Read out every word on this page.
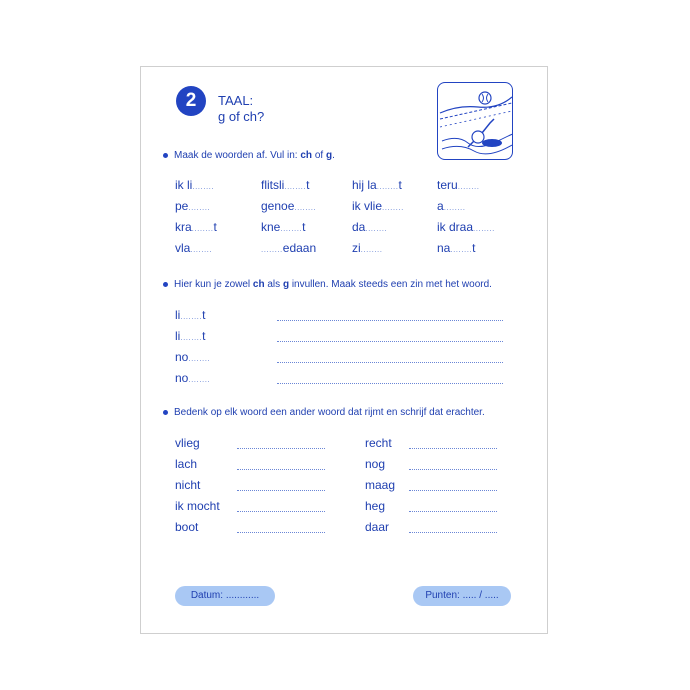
2	TAAL:
g of ch?
Maak de woorden af. Vul in: ch of g.
ik li........
pe........
kra........t
vla........
flitsli........t
genoe........
kne........t
........edaan
hij la........t
ik vlie........
da........
zi........
teru........
a........
ik draa........
na........t
Hier kun je zowel ch als g invullen. Maak steeds een zin met het woord.
li........t
li........t
no........
no........
Bedenk op elk woord een ander woord dat rijmt en schrijf dat erachter.
vlieg
lach
nicht
ik mocht
boot
recht
nog
maag
heg
daar
Datum: ............	Punten: ..... / .....
